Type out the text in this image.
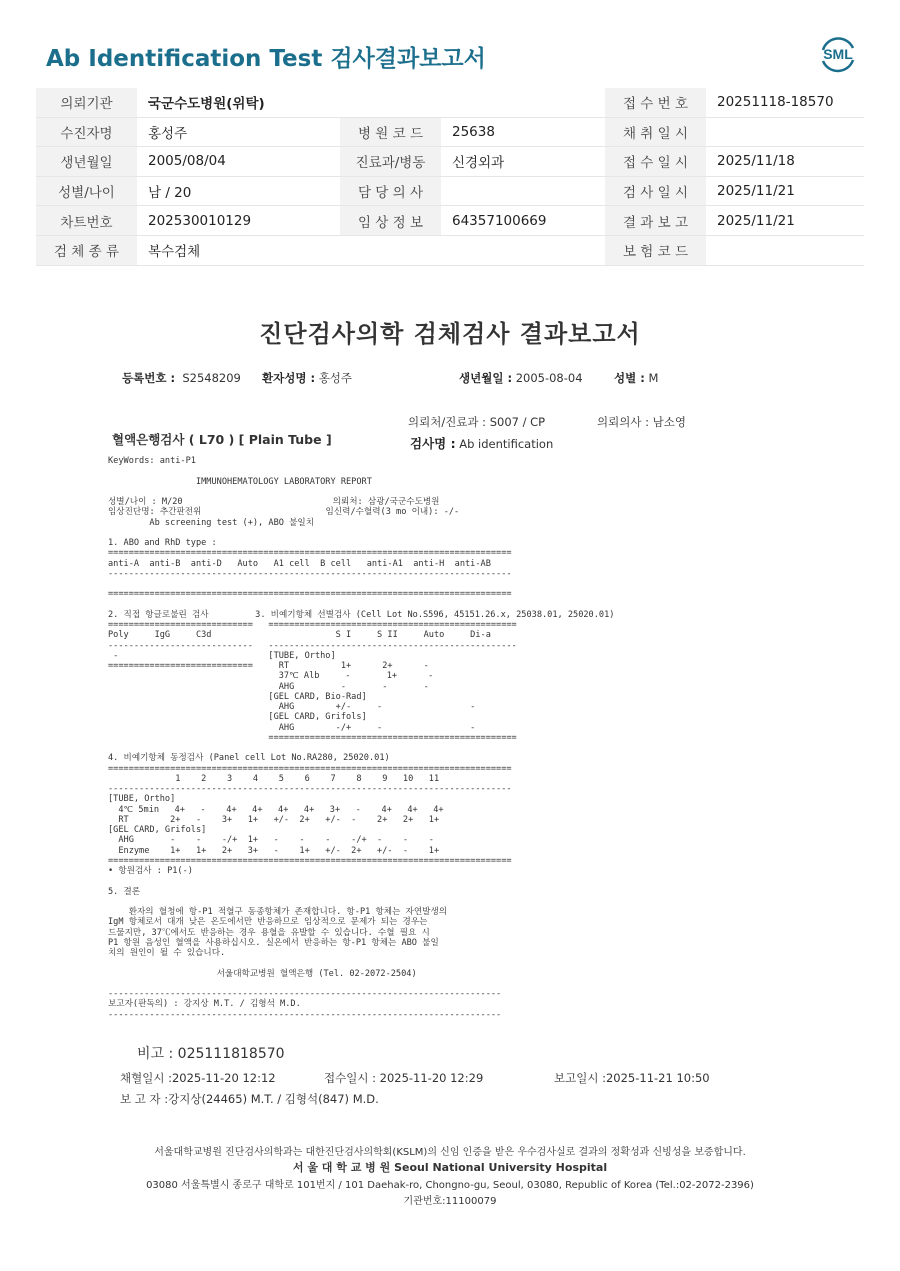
Ab Identification Test 검사결과보고서	SML
의뢰기관	국군수도병원(위탁)			접 수 번 호	20251118-18570
수진자명	홍성주	병 원 코 드	25638	채 취 일 시	
생년월일	2005/08/04	진료과/병동	신경외과	접 수 일 시	2025/11/18
성별/나이	남 / 20	담 당 의 사		검 사 일 시	2025/11/21
차트번호	202530010129	임 상 정 보	64357100669	결 과 보 고	2025/11/21
검 체 종 류	복수검체			보 험 코 드	
진단검사의학 검체검사 결과보고서
등록번호 : S2548209 환자성명 : 홍성주	생년월일 : 2005-08-04	성별 : M
의뢰처/진료과 : S007 / CP	의뢰의사 : 남소영
혈액은행검사 ( L70 ) [ Plain Tube ]	검사명 : Ab identification
KeyWords: anti-P1

IMMUNOHEMATOLOGY LABORATORY REPORT

성별/나이 : M/20                             의뢰처: 삼광/국군수도병원
임상진단명: 추간판전위                        임신력/수혈력(3 mo 이내): -/-
Ab screening test (+), ABO 불일치

1. ABO and RhD type :
==============================================================================
anti-A  anti-B  anti-D   Auto   A1 cell  B cell   anti-A1  anti-H  anti-AB
------------------------------------------------------------------------------

==============================================================================

2. 직접 항글로불린 검사         3. 비예기항체 선별검사 (Cell Lot No.S596, 45151.26.x, 25038.01, 25020.01)
============================   ================================================
Poly     IgG     C3d                        S I     S II     Auto     Di-a
----------------------------   ------------------------------------------------
-                             [TUBE, Ortho]
============================     RT          1+      2+      -
37℃ Alb     -       1+      -
AHG         -       -       -
[GEL CARD, Bio-Rad]
AHG        +/-     -                 -
[GEL CARD, Grifols]
AHG        -/+     -                 -
================================================

4. 비예기항체 동정검사 (Panel cell Lot No.RA280, 25020.01)
==============================================================================
1    2    3    4    5    6    7    8    9   10   11
------------------------------------------------------------------------------
[TUBE, Ortho]
4℃ 5min   4+   -    4+   4+   4+   4+   3+   -    4+   4+   4+
RT        2+   -    3+   1+   +/-  2+   +/-  -    2+   2+   1+
[GEL CARD, Grifols]
AHG       -    -    -/+  1+   -    -    -    -/+  -    -    -
Enzyme    1+   1+   2+   3+   -    1+   +/-  2+   +/-  -    1+
==============================================================================
• 항원검사 : P1(-)

5. 결론

환자의 혈청에 항-P1 적혈구 동종항체가 존재합니다. 항-P1 항체는 자연발생의
IgM 항체로서 대개 낮은 온도에서만 반응하므로 임상적으로 문제가 되는 경우는
드물지만, 37℃에서도 반응하는 경우 용혈을 유발할 수 있습니다. 수혈 필요 시
P1 항원 음성인 혈액을 사용하십시오. 실온에서 반응하는 항-P1 항체는 ABO 불일
치의 원인이 될 수 있습니다.

서울대학교병원 혈액은행 (Tel. 02-2072-2504)

----------------------------------------------------------------------------
보고자(판독의) : 강지상 M.T. / 김형석 M.D.
----------------------------------------------------------------------------
비고 : 025111818570
채혈일시 :2025-11-20 12:12	접수일시 : 2025-11-20 12:29	보고일시 :2025-11-21 10:50
보 고 자 :강지상(24465) M.T. / 김형석(847) M.D.
서울대학교병원 진단검사의학과는 대한진단검사의학회(KSLM)의 신임 인증을 받은 우수검사실로 결과의 정확성과 신빙성을 보증합니다.
서 울 대 학 교 병 원 Seoul National University Hospital
03080 서울특별시 종로구 대학로 101번지 / 101 Daehak-ro, Chongno-gu, Seoul, 03080, Republic of Korea (Tel.:02-2072-2396)
기관번호:11100079
